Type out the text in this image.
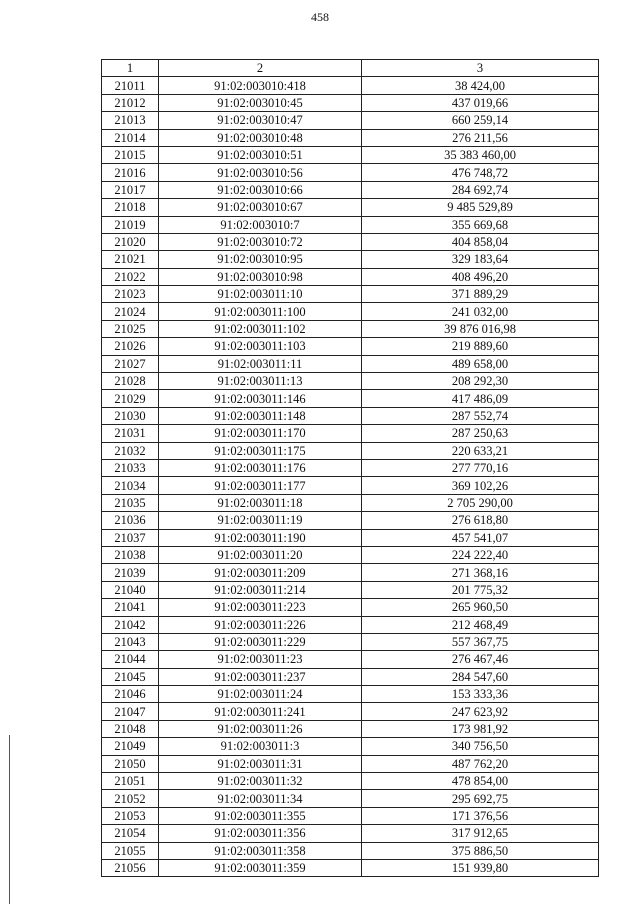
458
1	2	3
21011	91:02:003010:418	38 424,00
21012	91:02:003010:45	437 019,66
21013	91:02:003010:47	660 259,14
21014	91:02:003010:48	276 211,56
21015	91:02:003010:51	35 383 460,00
21016	91:02:003010:56	476 748,72
21017	91:02:003010:66	284 692,74
21018	91:02:003010:67	9 485 529,89
21019	91:02:003010:7	355 669,68
21020	91:02:003010:72	404 858,04
21021	91:02:003010:95	329 183,64
21022	91:02:003010:98	408 496,20
21023	91:02:003011:10	371 889,29
21024	91:02:003011:100	241 032,00
21025	91:02:003011:102	39 876 016,98
21026	91:02:003011:103	219 889,60
21027	91:02:003011:11	489 658,00
21028	91:02:003011:13	208 292,30
21029	91:02:003011:146	417 486,09
21030	91:02:003011:148	287 552,74
21031	91:02:003011:170	287 250,63
21032	91:02:003011:175	220 633,21
21033	91:02:003011:176	277 770,16
21034	91:02:003011:177	369 102,26
21035	91:02:003011:18	2 705 290,00
21036	91:02:003011:19	276 618,80
21037	91:02:003011:190	457 541,07
21038	91:02:003011:20	224 222,40
21039	91:02:003011:209	271 368,16
21040	91:02:003011:214	201 775,32
21041	91:02:003011:223	265 960,50
21042	91:02:003011:226	212 468,49
21043	91:02:003011:229	557 367,75
21044	91:02:003011:23	276 467,46
21045	91:02:003011:237	284 547,60
21046	91:02:003011:24	153 333,36
21047	91:02:003011:241	247 623,92
21048	91:02:003011:26	173 981,92
21049	91:02:003011:3	340 756,50
21050	91:02:003011:31	487 762,20
21051	91:02:003011:32	478 854,00
21052	91:02:003011:34	295 692,75
21053	91:02:003011:355	171 376,56
21054	91:02:003011:356	317 912,65
21055	91:02:003011:358	375 886,50
21056	91:02:003011:359	151 939,80
